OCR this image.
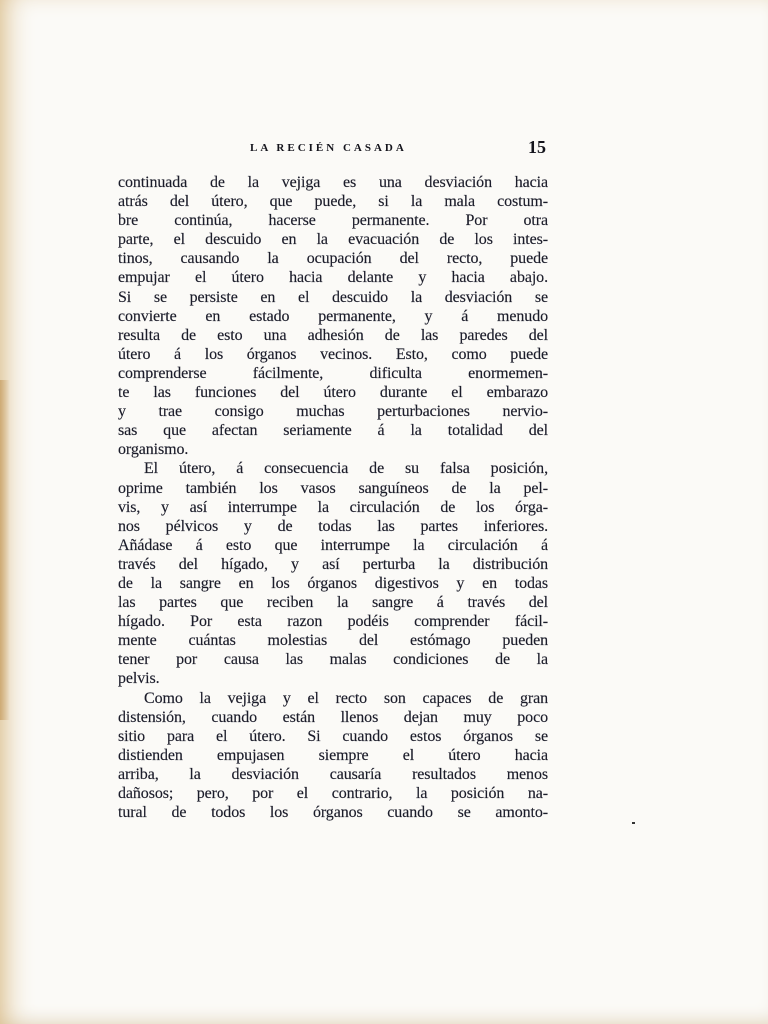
LA RECIÉN CASADA	15
continuada de la vejiga es una desviación hacia
atrás del útero, que puede, si la mala costum-
bre continúa, hacerse permanente. Por otra
parte, el descuido en la evacuación de los intes-
tinos, causando la ocupación del recto, puede
empujar el útero hacia delante y hacia abajo.
Si se persiste en el descuido la desviación se
convierte en estado permanente, y á menudo
resulta de esto una adhesión de las paredes del
útero á los órganos vecinos. Esto, como puede
comprenderse fácilmente, dificulta enormemen-
te las funciones del útero durante el embarazo
y trae consigo muchas perturbaciones nervio-
sas que afectan seriamente á la totalidad del
organismo.
El útero, á consecuencia de su falsa posición,
oprime también los vasos sanguíneos de la pel-
vis, y así interrumpe la circulación de los órga-
nos pélvicos y de todas las partes inferiores.
Añádase á esto que interrumpe la circulación á
través del hígado, y así perturba la distribución
de la sangre en los órganos digestivos y en todas
las partes que reciben la sangre á través del
hígado. Por esta razon podéis comprender fácil-
mente cuántas molestias del estómago pueden
tener por causa las malas condiciones de la
pelvis.
Como la vejiga y el recto son capaces de gran
distensión, cuando están llenos dejan muy poco
sitio para el útero. Si cuando estos órganos se
distienden empujasen siempre el útero hacia
arriba, la desviación causaría resultados menos
dañosos; pero, por el contrario, la posición na-
tural de todos los órganos cuando se amonto-
